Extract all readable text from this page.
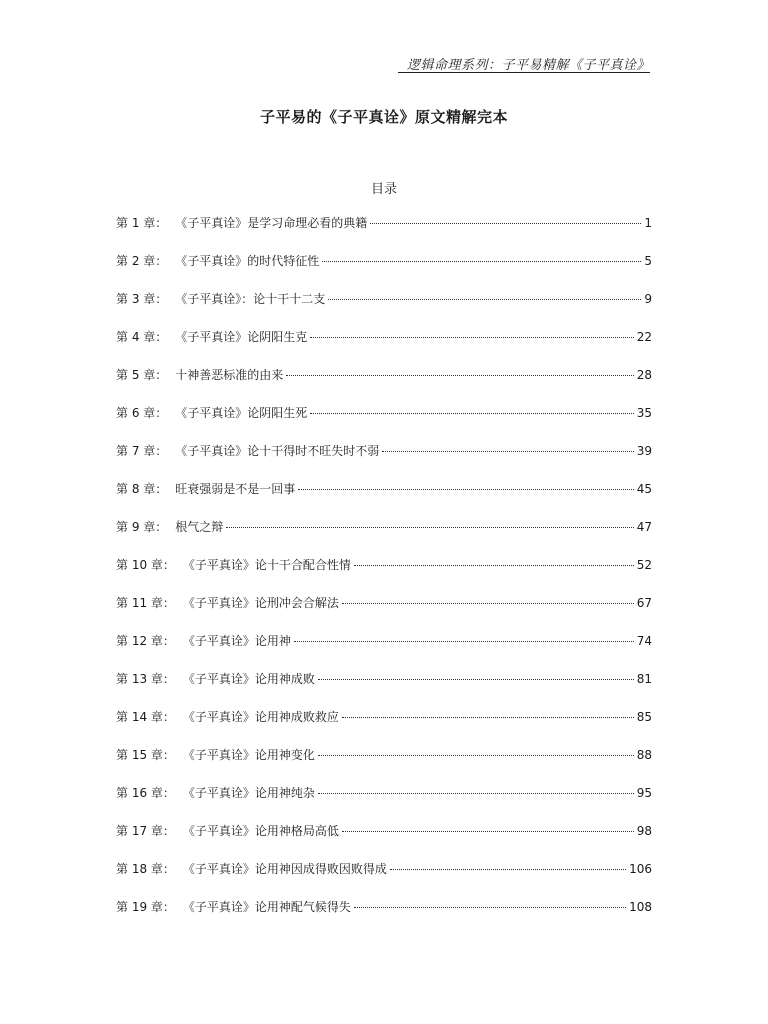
逻辑命理系列：子平易精解《子平真诠》
子平易的《子平真诠》原文精解完本
目录
第 1 章： 《子平真诠》是学习命理必看的典籍	1
第 2 章： 《子平真诠》的时代特征性	5
第 3 章： 《子平真诠》：论十干十二支	9
第 4 章： 《子平真诠》论阴阳生克	22
第 5 章： 十神善恶标准的由来	28
第 6 章： 《子平真诠》论阴阳生死	35
第 7 章： 《子平真诠》论十干得时不旺失时不弱	39
第 8 章： 旺衰强弱是不是一回事	45
第 9 章： 根气之辩	47
第 10 章： 《子平真诠》论十干合配合性情	52
第 11 章： 《子平真诠》论刑冲会合解法	67
第 12 章： 《子平真诠》论用神	74
第 13 章： 《子平真诠》论用神成败	81
第 14 章： 《子平真诠》论用神成败救应	85
第 15 章： 《子平真诠》论用神变化	88
第 16 章： 《子平真诠》论用神纯杂	95
第 17 章： 《子平真诠》论用神格局高低	98
第 18 章： 《子平真诠》论用神因成得败因败得成	106
第 19 章： 《子平真诠》论用神配气候得失	108
